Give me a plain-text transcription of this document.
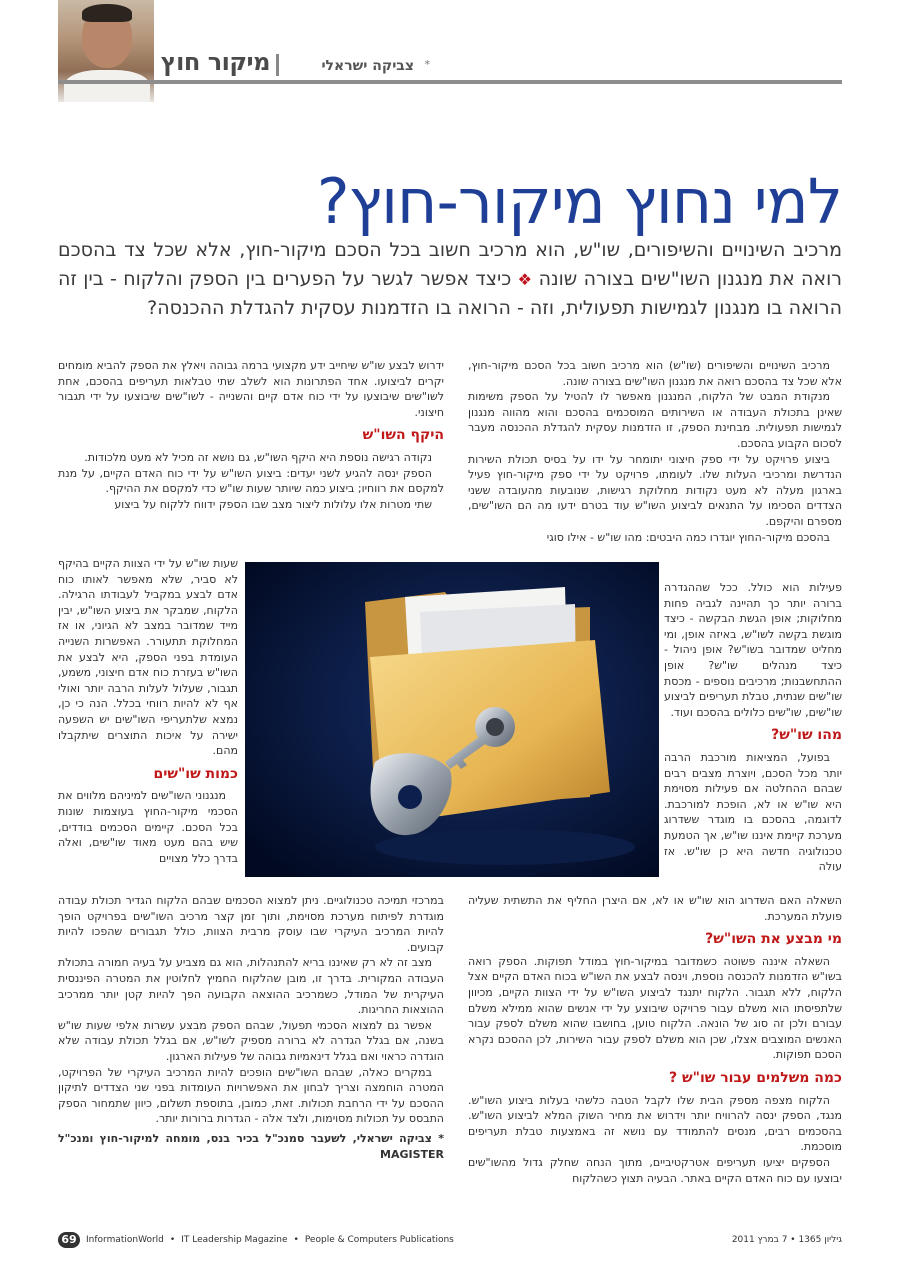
מיקור חוץ	*
צביקה ישראלי
למי נחוץ מיקור-חוץ?
מרכיב השינויים והשיפורים, שו"ש, הוא מרכיב חשוב בכל הסכם מיקור-חוץ, אלא שכל צד בהסכם רואה את מנגנון השו"שים בצורה שונה ❖ כיצד אפשר לגשר על הפערים בין הספק והלקוח - בין זה הרואה בו מנגנון לגמישות תפעולית, וזה - הרואה בו הזדמנות עסקית להגדלת ההכנסה?

מרכיב השינויים והשיפורים (שו"ש) הוא מרכיב חשוב בכל הסכם מיקור-חוץ, אלא שכל צד בהסכם רואה את מנגנון השו"שים בצורה שונה.

מנקודת המבט של הלקוח, המנגנון מאפשר לו להטיל על הספק משימות שאינן בתכולת העבודה או השירותים המוסכמים בהסכם והוא מהווה מנגנון לגמישות תפעולית. מבחינת הספק, זו הזדמנות עסקית להגדלת ההכנסה מעבר לסכום הקבוע בהסכם.

ביצוע פרויקט על ידי ספק חיצוני יתומחר על ידו על בסיס תכולת השירות הנדרשת ומרכיבי העלות שלו. לעומתו, פרויקט על ידי ספק מיקור-חוץ פעיל בארגון מעלה לא מעט נקודות מחלוקת רגישות, שנובעות מהעובדה ששני הצדדים הסכימו על התנאים לביצוע השו"ש עוד בטרם ידעו מה הם השו"שים, מספרם והיקפם.

בהסכם מיקור-החוץ יוגדרו כמה היבטים: מהו שו"ש - אילו סוגי

פעילות הוא כולל. ככל שההגדרה ברורה יותר כך תהיינה לגביה פחות מחלוקות; אופן הגשת הבקשה - כיצד מוגשת בקשה לשו"ש, באיזה אופן, ומי מחליט שמדובר בשו"ש? אופן ניהול - כיצד מנהלים שו"ש? אופן ההתחשבנות; מרכיבים נוספים - מכסת שו"שים שנתית, טבלת תעריפים לביצוע שו"שים, שו"שים כלולים בהסכם ועוד.

מהו שו"ש?

בפועל, המציאות מורכבת הרבה יותר מכל הסכם, ויוצרת מצבים רבים שבהם ההחלטה אם פעילות מסוימת היא שו"ש או לא, הופכת למורכבת. לדוגמה, בהסכם בו מוגדר ששדרוג מערכת קיימת איננו שו"ש, אך הטמעת טכנולוגיה חדשה היא כן שו"ש. אז עולה

השאלה האם השדרוג הוא שו"ש או לא, אם היצרן החליף את התשתית שעליה פועלת המערכת.

מי מבצע את השו"ש?

השאלה איננה פשוטה כשמדובר במיקור-חוץ במודל תפוקות. הספק רואה בשו"ש הזדמנות להכנסה נוספת, וינסה לבצע את השו"ש בכוח האדם הקיים אצל הלקוח, ללא תגבור. הלקוח יתנגד לביצוע השו"ש על ידי הצוות הקיים, מכיוון שלתפיסתו הוא משלם עבור פרויקט שיבוצע על ידי אנשים שהוא ממילא משלם עבורם ולכן זה סוג של הונאה. הלקוח טוען, בחושבו שהוא משלם לספק עבור האנשים המוצבים אצלו, שכן הוא משלם לספק עבור השירות, לכן ההסכם נקרא הסכם תפוקות.

כמה משלמים עבור שו"ש ?

הלקוח מצפה מספק הבית שלו לקבל הטבה כלשהי בעלות ביצוע השו"ש. מנגד, הספק ינסה להרוויח יותר וידרוש את מחיר השוק המלא לביצוע השו"ש. בהסכמים רבים, מנסים להתמודד עם נושא זה באמצעות טבלת תעריפים מוסכמת.

הספקים יציעו תעריפים אטרקטיביים, מתוך הנחה שחלק גדול מהשו"שים יבוצעו עם כוח האדם הקיים באתר. הבעיה תצוץ כשהלקוח

ידרוש לבצע שו"ש שיחייב ידע מקצועי ברמה גבוהה ויאלץ את הספק להביא מומחים יקרים לביצועו. אחד הפתרונות הוא לשלב שתי טבלאות תעריפים בהסכם, אחת לשו"שים שיבוצעו על ידי כוח אדם קיים והשנייה - לשו"שים שיבוצעו על ידי תגבור חיצוני.

היקף השו"ש

נקודה רגישה נוספת היא היקף השו"ש, גם נושא זה מכיל לא מעט מלכודות.

הספק ינסה להגיע לשני יעדים: ביצוע השו"ש על ידי כוח האדם הקיים, על מנת למקסם את רווחיו; ביצוע כמה שיותר שעות שו"ש כדי למקסם את ההיקף.

שתי מטרות אלו עלולות ליצור מצב שבו הספק ידווח ללקוח על ביצוע

שעות שו"ש על ידי הצוות הקיים בהיקף לא סביר, שלא מאפשר לאותו כוח אדם לבצע במקביל לעבודתו הרגילה. הלקוח, שמבקר את ביצוע השו"ש, יבין מייד שמדובר במצב לא הגיוני, או אז המחלוקת תתעורר. האפשרות השנייה העומדת בפני הספק, היא לבצע את השו"ש בעזרת כוח אדם חיצוני, משמע, תגבור, שעלול לעלות הרבה יותר ואולי אף לא להיות רווחי בכלל. הנה כי כן, נמצא שלתעריפי השו"שים יש השפעה ישירה על איכות התוצרים שיתקבלו מהם.

כמות שו"שים

מנגנוני השו"שים למיניהם מלווים את הסכמי מיקור-החוץ בעוצמות שונות בכל הסכם. קיימים הסכמים בודדים, שיש בהם מעט מאוד שו"שים, ואלה בדרך כלל מצויים

במרכזי תמיכה טכנולוגיים. ניתן למצוא הסכמים שבהם הלקוח הגדיר תכולת עבודה מוגדרת לפיתוח מערכת מסוימת, ותוך זמן קצר מרכיב השו"שים בפרויקט הופך להיות המרכיב העיקרי שבו עוסק מרבית הצוות, כולל תגבורים שהפכו להיות קבועים.

מצב זה לא רק שאיננו בריא להתנהלות, הוא גם מצביע על בעיה חמורה בתכולת העבודה המקורית. בדרך זו, מובן שהלקוח החמיץ לחלוטין את המטרה הפיננסית העיקרית של המודל, כשמרכיב ההוצאה הקבועה הפך להיות קטן יותר ממרכיב ההוצאות החריגות.

אפשר גם למצוא הסכמי תפעול, שבהם הספק מבצע עשרות אלפי שעות שו"ש בשנה, אם בגלל הגדרה לא ברורה מספיק לשו"ש, אם בגלל תכולת עבודה שלא הוגדרה כראוי ואם בגלל דינאמיות גבוהה של פעילות הארגון.

במקרים כאלה, שבהם השו"שים הופכים להיות המרכיב העיקרי של הפרויקט, המטרה הוחמצה וצריך לבחון את האפשרויות העומדות בפני שני הצדדים לתיקון ההסכם על ידי הרחבת תכולות. זאת, כמובן, בתוספת תשלום, כיוון שתמחור הספק התבסס על תכולות מסוימות, ולצד אלה - הגדרות ברורות יותר.

* צביקה ישראלי, לשעבר סמנכ"ל בכיר בנס, מומחה למיקור-חוץ ומנכ"ל MAGISTER

69	InformationWorld • IT Leadership Magazine • People & Computers Publications	גיליון 1365 • 7 במרץ 2011
